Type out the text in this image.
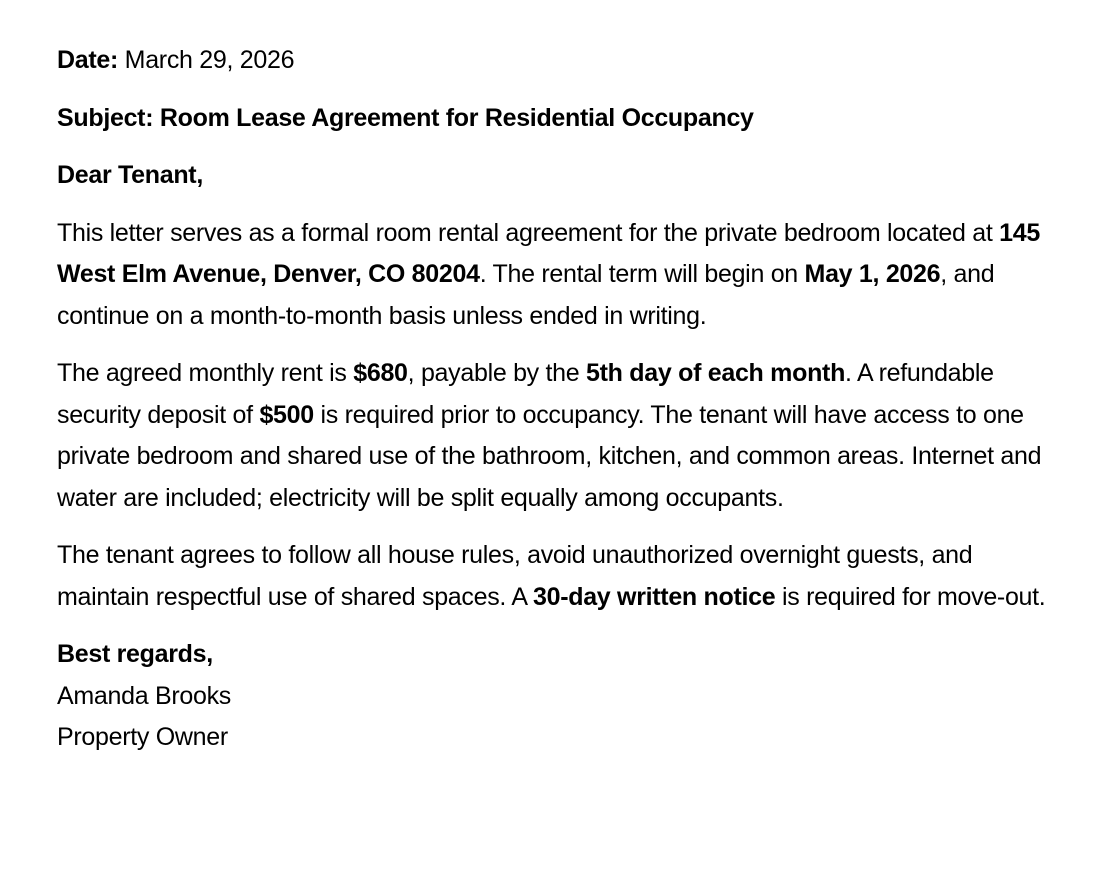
Date: March 29, 2026

Subject: Room Lease Agreement for Residential Occupancy

Dear Tenant,

This letter serves as a formal room rental agreement for the private bedroom located at 145 West Elm Avenue, Denver, CO 80204. The rental term will begin on May 1, 2026, and continue on a month-to-month basis unless ended in writing.

The agreed monthly rent is $680, payable by the 5th day of each month. A refundable security deposit of $500 is required prior to occupancy. The tenant will have access to one private bedroom and shared use of the bathroom, kitchen, and common areas. Internet and water are included; electricity will be split equally among occupants.

The tenant agrees to follow all house rules, avoid unauthorized overnight guests, and maintain respectful use of shared spaces. A 30-day written notice is required for move-out.

Best regards,
Amanda Brooks
Property Owner
